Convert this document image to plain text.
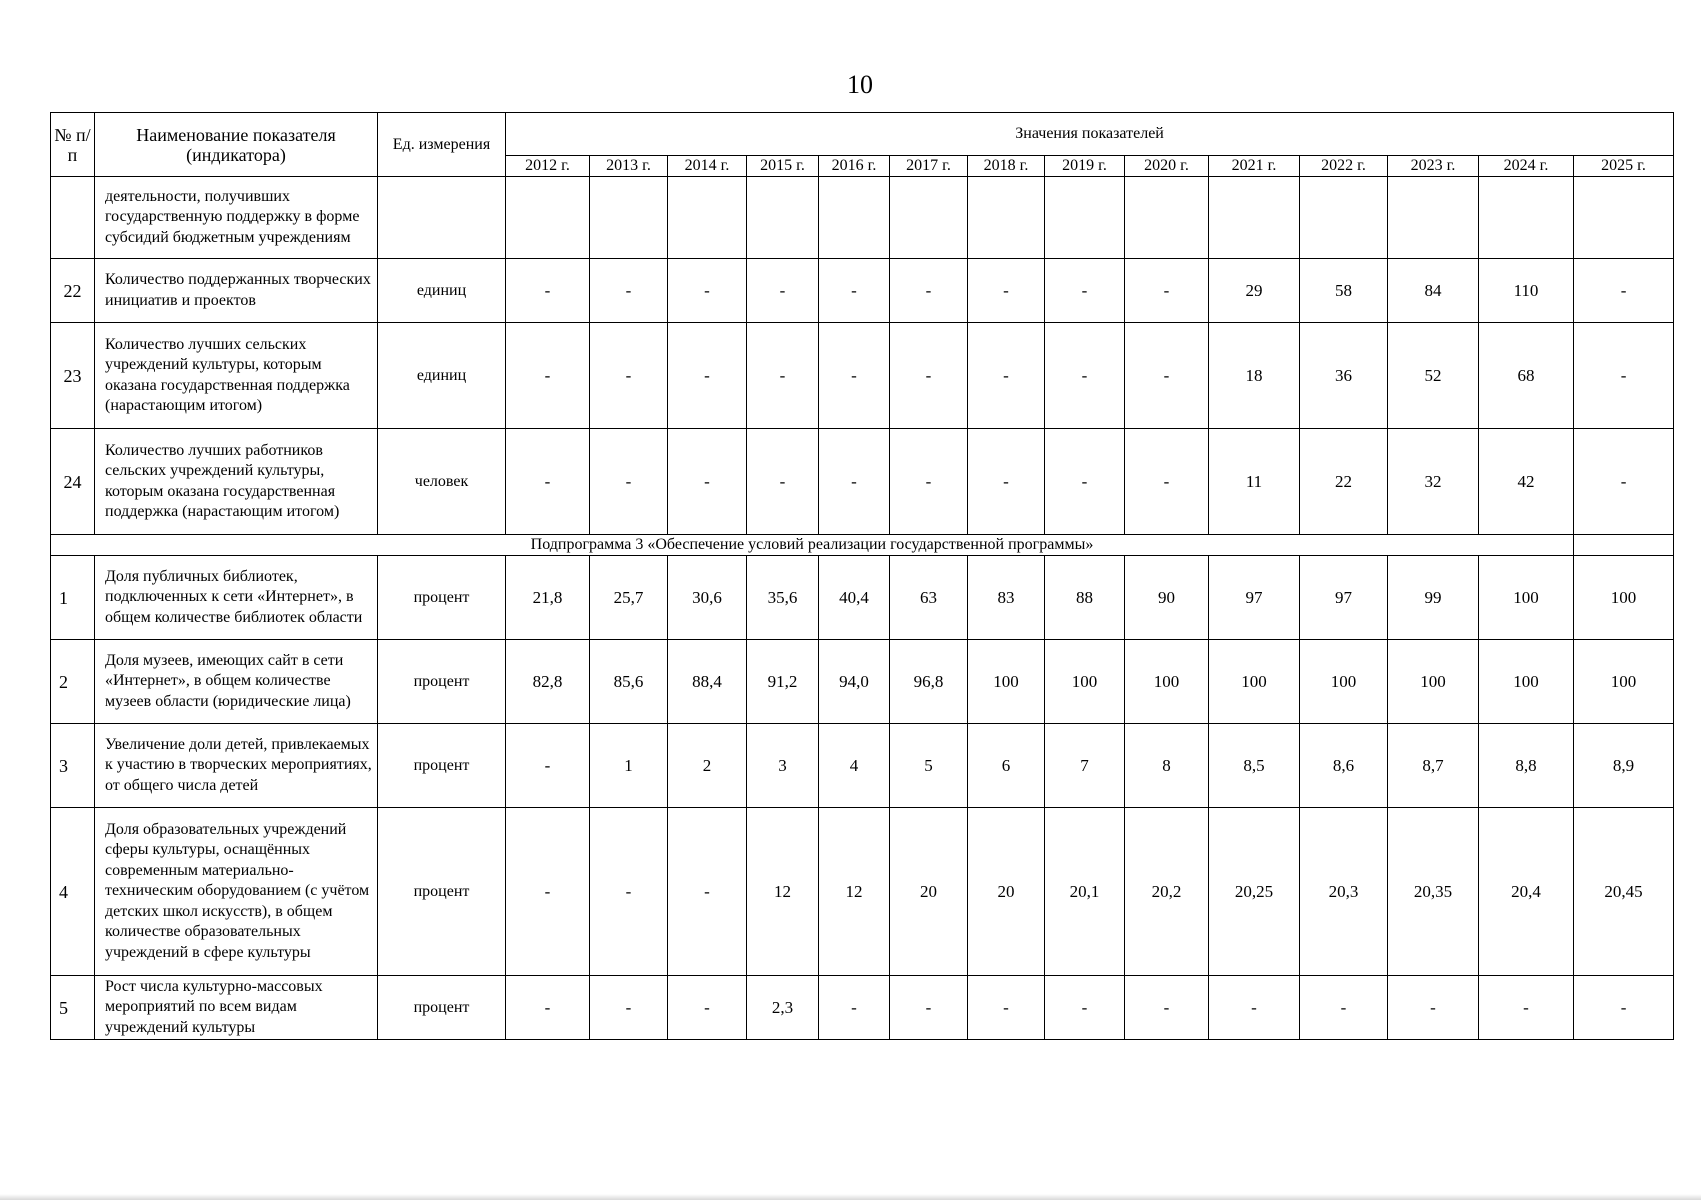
10
№ п/п	Наименование показателя (индикатора)	Ед. измерения	Значения показателей													
			2012 г.	2013 г.	2014 г.	2015 г.	2016 г.	2017 г.	2018 г.	2019 г.	2020 г.	2021 г.	2022 г.	2023 г.	2024 г.	2025 г.
	деятельности, получивших государственную поддержку в форме субсидий бюджетным учреждениям															
22	Количество поддержанных творческих инициатив и проектов	единиц	-	-	-	-	-	-	-	-	-	29	58	84	110	-
23	Количество лучших сельских учреждений культуры, которым оказана государственная поддержка (нарастающим итогом)	единиц	-	-	-	-	-	-	-	-	-	18	36	52	68	-
24	Количество лучших работников сельских учреждений культуры, которым оказана государственная поддержка (нарастающим итогом)	человек	-	-	-	-	-	-	-	-	-	11	22	32	42	-
Подпрограмма 3 «Обеспечение условий реализации государственной программы»																
1	Доля публичных библиотек, подключенных к сети «Интернет», в общем количестве библиотек области	процент	21,8	25,7	30,6	35,6	40,4	63	83	88	90	97	97	99	100	100
2	Доля музеев, имеющих сайт в сети «Интернет», в общем количестве музеев области (юридические лица)	процент	82,8	85,6	88,4	91,2	94,0	96,8	100	100	100	100	100	100	100	100
3	Увеличение доли детей, привлекаемых к участию в творческих мероприятиях, от общего числа детей	процент	-	1	2	3	4	5	6	7	8	8,5	8,6	8,7	8,8	8,9
4	Доля образовательных учреждений сферы культуры, оснащённых современным материально-техническим оборудованием (с учётом детских школ искусств), в общем количестве образовательных учреждений в сфере культуры	процент	-	-	-	12	12	20	20	20,1	20,2	20,25	20,3	20,35	20,4	20,45
5	Рост числа культурно-массовых мероприятий по всем видам учреждений культуры	процент	-	-	-	2,3	-	-	-	-	-	-	-	-	-	-
